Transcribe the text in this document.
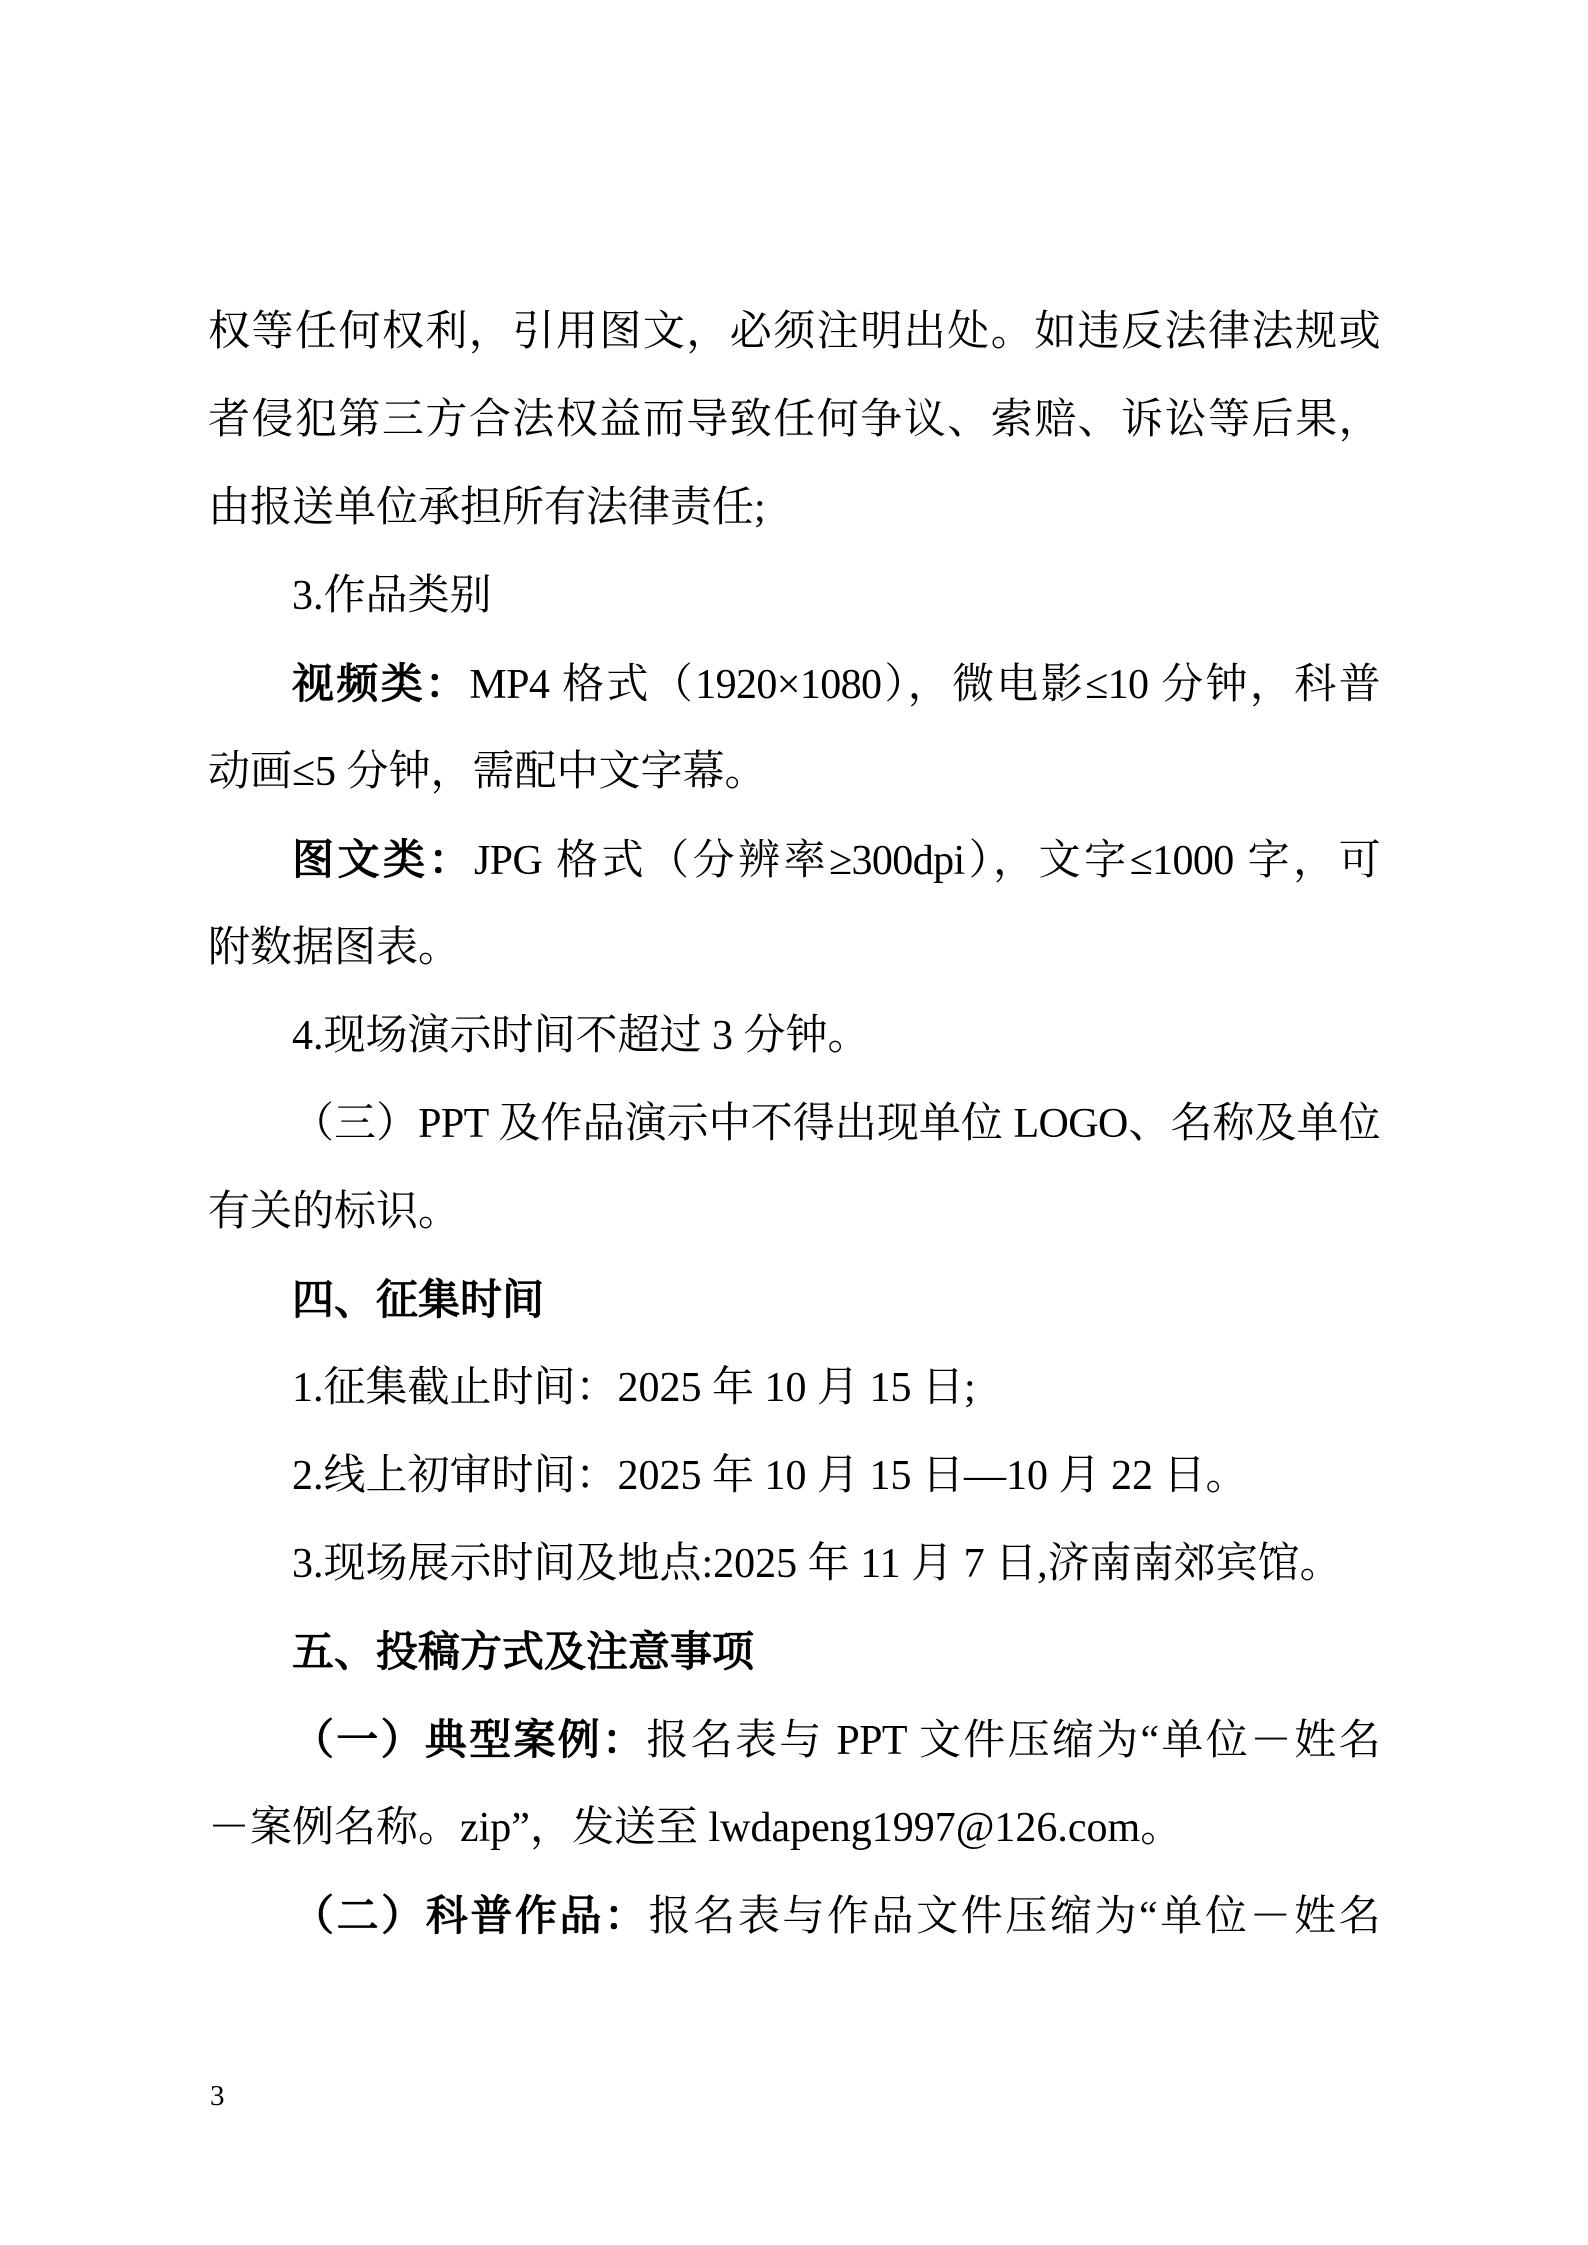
权等任何权利，引用图文，必须注明出处。如违反法律法规或
者侵犯第三方合法权益而导致任何争议、索赔、诉讼等后果，
由报送单位承担所有法律责任;
3.作品类别
视频类：MP4 格式（1920×1080），微电影≤10 分钟，科普
动画≤5 分钟，需配中文字幕。
图文类：JPG 格式（分辨率≥300dpi），文字≤1000 字，可
附数据图表。
4.现场演示时间不超过 3 分钟。
（三）PPT 及作品演示中不得出现单位 LOGO、名称及单位
有关的标识。
四、征集时间
1.征集截止时间：2025 年 10 月 15 日;
2.线上初审时间：2025 年 10 月 15 日—10 月 22 日。
3.现场展示时间及地点:2025 年 11 月 7 日,济南南郊宾馆。
五、投稿方式及注意事项
（一）典型案例：报名表与 PPT 文件压缩为“单位－姓名
－案例名称。zip”，发送至 lwdapeng1997@126.com。
（二）科普作品：报名表与作品文件压缩为“单位－姓名
3
